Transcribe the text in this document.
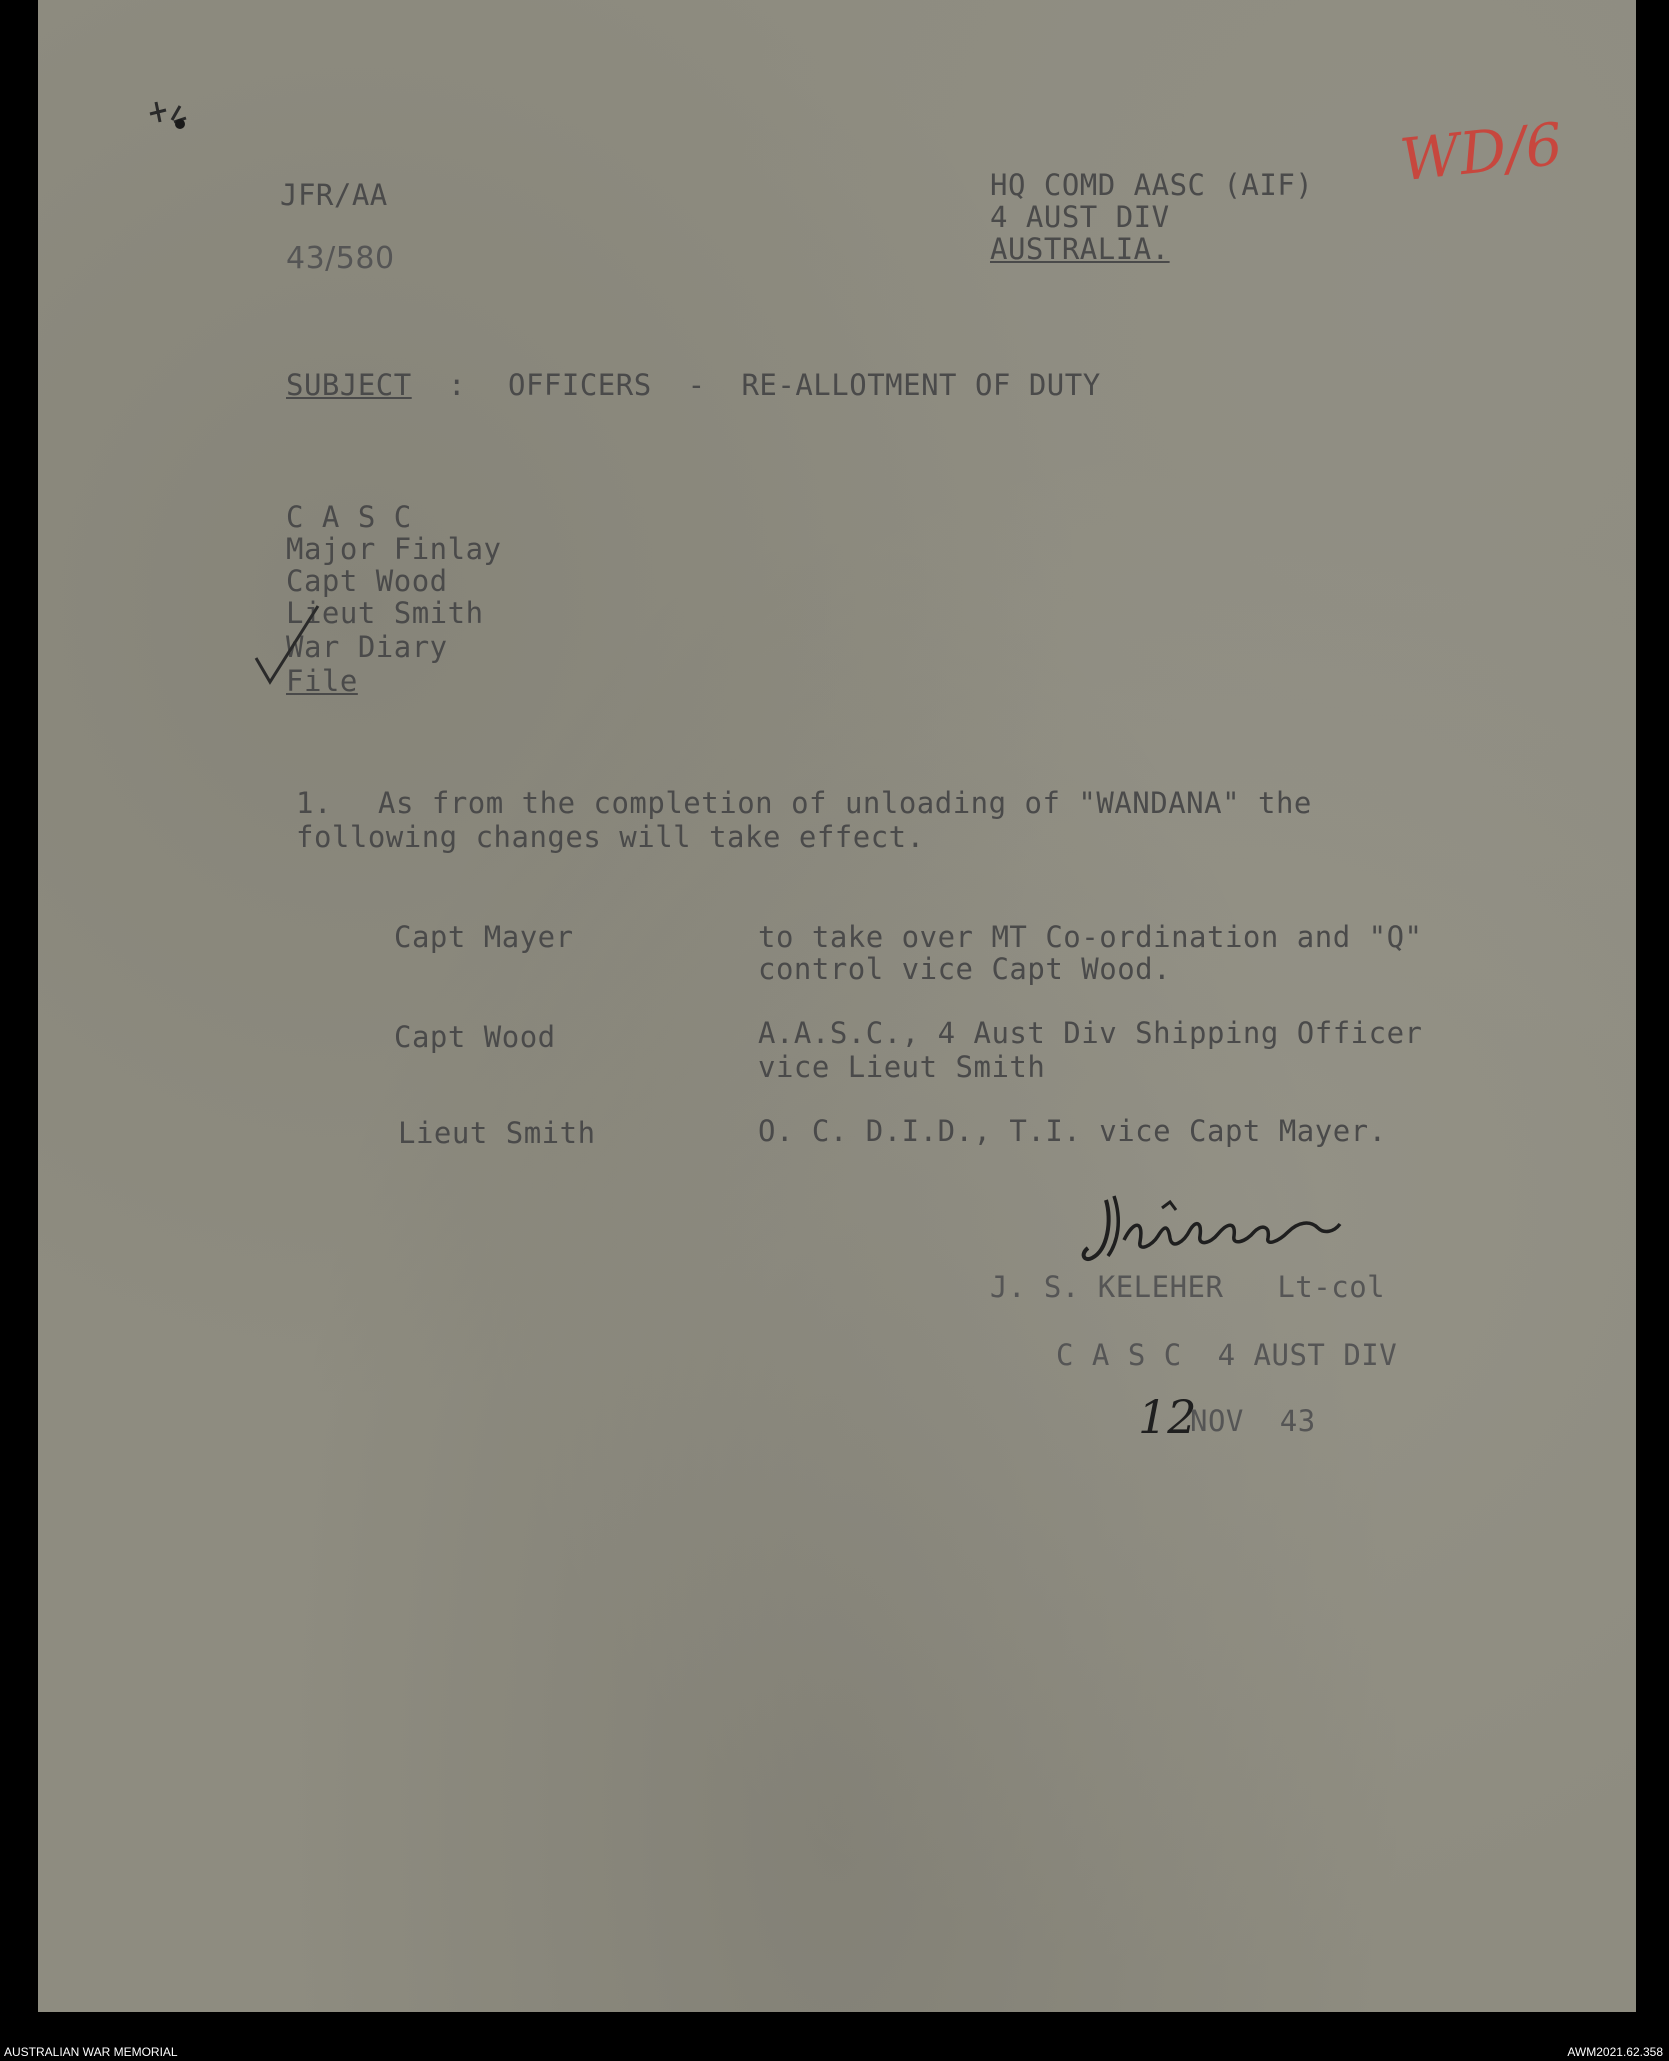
JFR/AA
43/580
HQ COMD AASC (AIF)
4 AUST DIV
AUSTRALIA.
WD/6
SUBJECT : OFFICERS  -  RE-ALLOTMENT OF DUTY
C A S C
Major Finlay
Capt Wood
Lieut Smith
War Diary
File
1. As from the completion of unloading of "WANDANA" the
following changes will take effect.
Capt Mayer	to take over MT Co-ordination and "Q"
control vice Capt Wood.
Capt Wood	A.A.S.C., 4 Aust Div Shipping Officer
vice Lieut Smith
Lieut Smith	O. C. D.I.D., T.I. vice Capt Mayer.
J. S. KELEHER   Lt-col
C A S C  4 AUST DIV
12
NOV  43
AUSTRALIAN WAR MEMORIAL	AWM2021.62.358
